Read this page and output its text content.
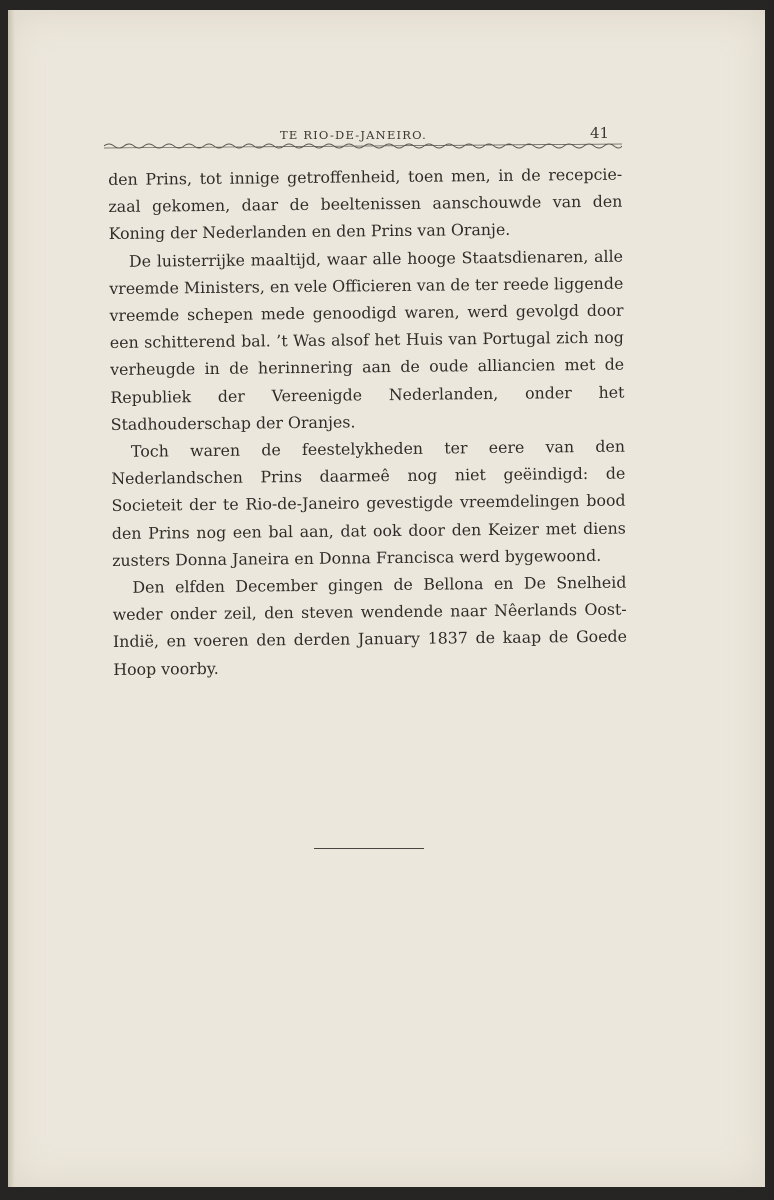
TE RIO-DE-JANEIRO.	41

den Prins, tot innige getroffenheid, toen men, in de recepcie-zaal gekomen, daar de beeltenissen aanschouwde van den Koning der Nederlanden en den Prins van Oranje.

De luisterrijke maaltijd, waar alle hooge Staatsdienaren, alle vreemde Ministers, en vele Officieren van de ter reede liggende vreemde schepen mede genoodigd waren, werd gevolgd door een schitterend bal. ’t Was alsof het Huis van Portugal zich nog verheugde in de herinnering aan de oude alliancien met de Republiek der Vereenigde Nederlanden, onder het Stadhouderschap der Oranjes.

Toch waren de feestelykheden ter eere van den Nederlandschen Prins daarmeê nog niet geëindigd: de Societeit der te Rio-de-Janeiro gevestigde vreemdelingen bood den Prins nog een bal aan, dat ook door den Keizer met diens zusters Donna Janeira en Donna Francisca werd bygewoond.

Den elfden December gingen de Bellona en De Snelheid weder onder zeil, den steven wendende naar Nêerlands Oost-Indië, en voeren den derden January 1837 de kaap de Goede Hoop voorby.
